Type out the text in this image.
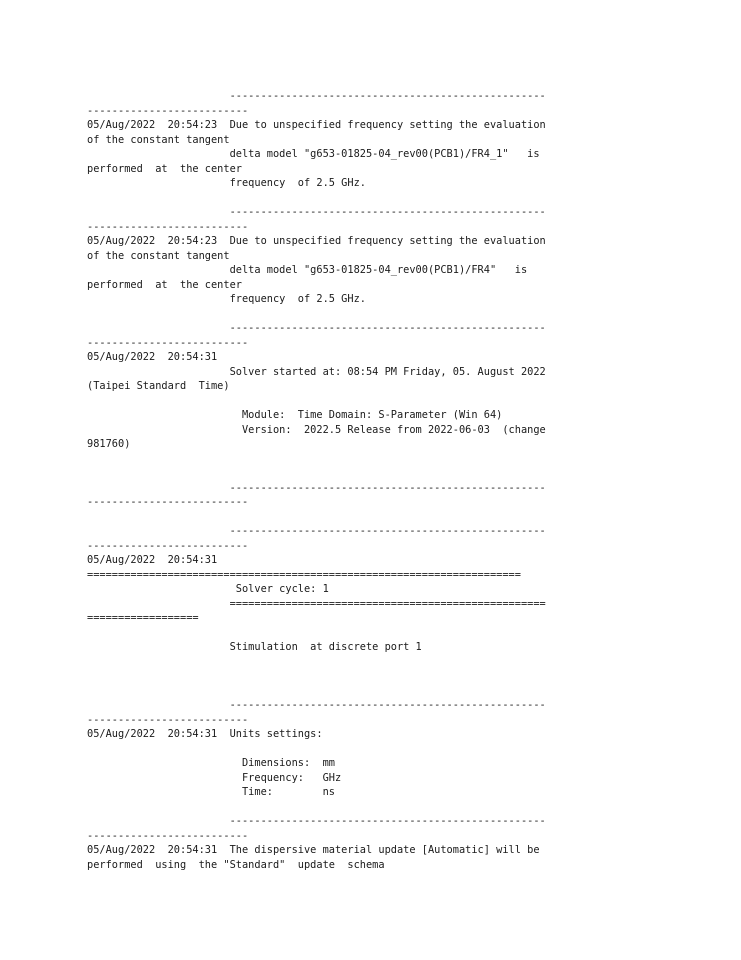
---------------------------------------------------
--------------------------
05/Aug/2022  20:54:23  Due to unspecified frequency setting the evaluation
of the constant tangent
delta model "g653-01825-04_rev00(PCB1)/FR4_1"   is
performed  at  the center
frequency  of 2.5 GHz.
---------------------------------------------------
--------------------------
05/Aug/2022  20:54:23  Due to unspecified frequency setting the evaluation
of the constant tangent
delta model "g653-01825-04_rev00(PCB1)/FR4"   is
performed  at  the center
frequency  of 2.5 GHz.
---------------------------------------------------
--------------------------
05/Aug/2022  20:54:31
Solver started at: 08:54 PM Friday, 05. August 2022
(Taipei Standard  Time)
Module:  Time Domain: S-Parameter (Win 64)
Version:  2022.5 Release from 2022-06-03  (change
981760)
---------------------------------------------------
--------------------------
---------------------------------------------------
--------------------------
05/Aug/2022  20:54:31
======================================================================
Solver cycle: 1
===================================================
==================
Stimulation  at discrete port 1
---------------------------------------------------
--------------------------
05/Aug/2022  20:54:31  Units settings:
Dimensions:  mm
Frequency:   GHz
Time:        ns
---------------------------------------------------
--------------------------
05/Aug/2022  20:54:31  The dispersive material update [Automatic] will be
performed  using  the "Standard"  update  schema
